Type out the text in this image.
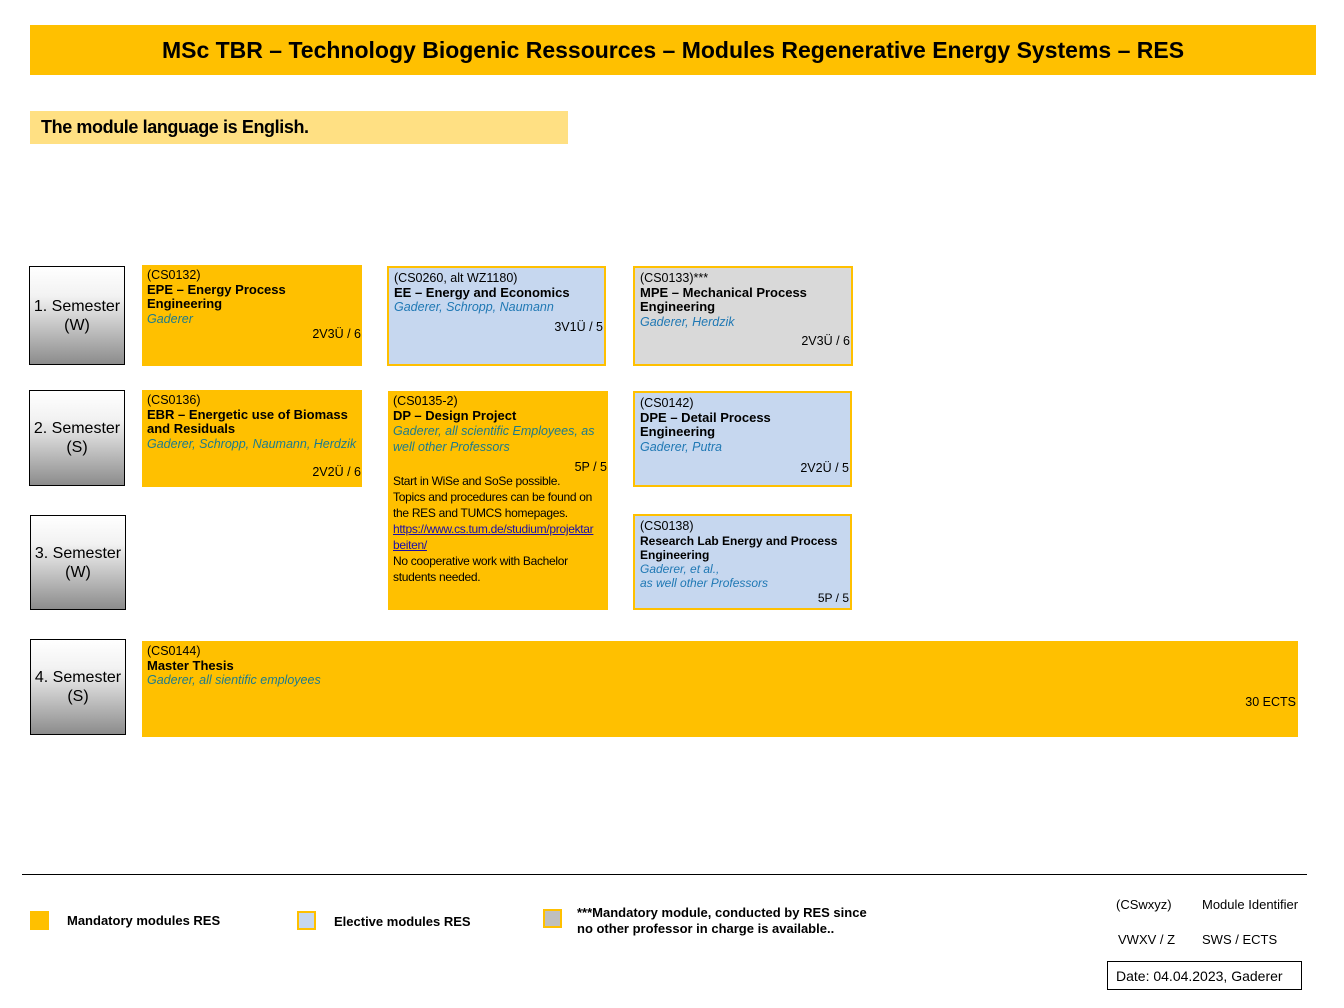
MSc TBR – Technology Biogenic Ressources – Modules Regenerative Energy Systems – RES
The module language is English.
1. Semester
(W)
2. Semester
(S)
3. Semester
(W)
4. Semester
(S)
(CS0132)
EPE – Energy Process Engineering
Gaderer
2V3Ü / 6
(CS0260, alt WZ1180)
EE – Energy and Economics
Gaderer, Schropp, Naumann
3V1Ü / 5
(CS0133)***
MPE – Mechanical Process Engineering
Gaderer, Herdzik
2V3Ü / 6
(CS0136)
EBR – Energetic use of Biomass and Residuals
Gaderer, Schropp, Naumann, Herdzik
2V2Ü / 6
(CS0135-2)
DP – Design Project
Gaderer, all scientific Employees, as well other Professors
5P / 5
Start in WiSe and SoSe possible.
Topics and procedures can be found on the RES and TUMCS homepages.
https://www.cs.tum.de/studium/projektar
beiten/
No cooperative work with Bachelor students needed.
(CS0142)
DPE – Detail Process Engineering
Gaderer, Putra
2V2Ü / 5
(CS0138)
Research Lab Energy and Process Engineering
Gaderer, et al.,
as well other Professors
5P / 5
(CS0144)
Master Thesis
Gaderer, all sientific employees
30 ECTS
Mandatory modules RES	Elective modules RES
***Mandatory module, conducted by RES since
no other professor in charge is available..
(CSwxyz) Module Identifier
VWXV / Z SWS / ECTS
Date: 04.04.2023, Gaderer
